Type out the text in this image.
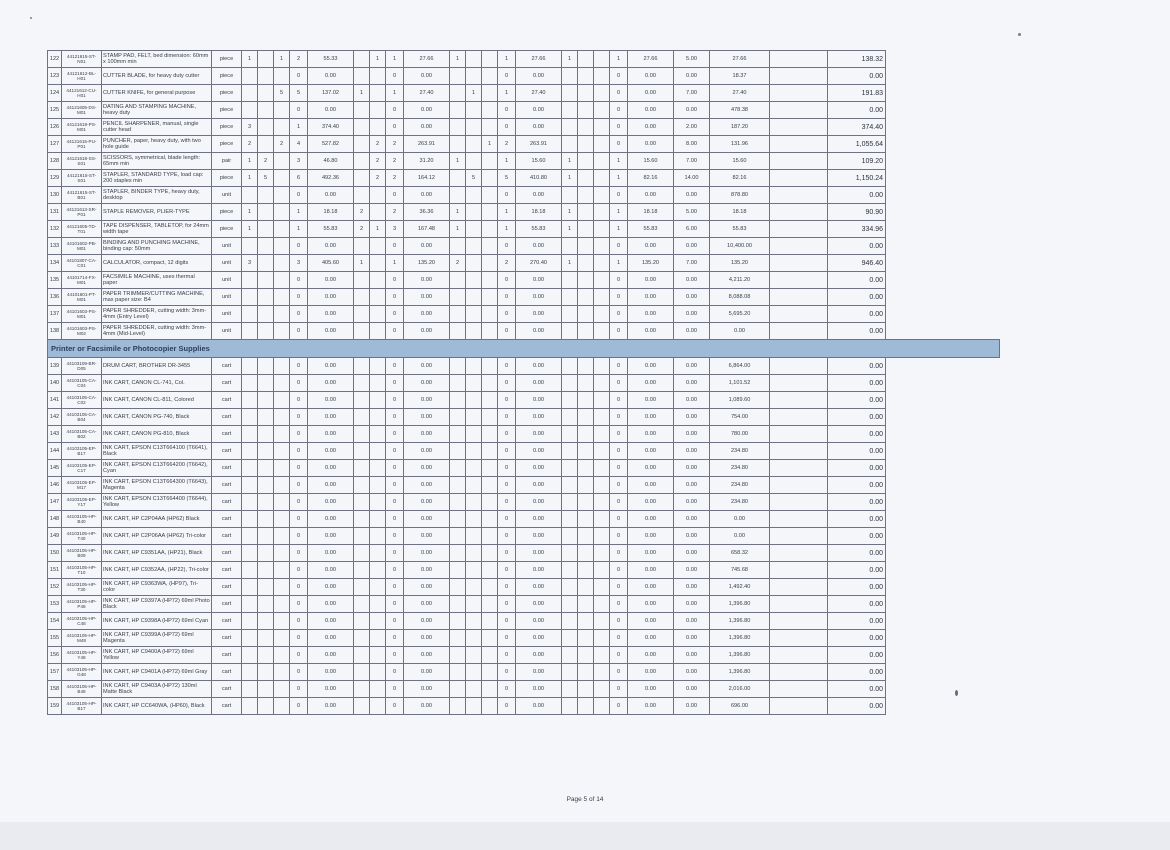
122	44121615-ST-N01	STAMP PAD, FELT, bed dimension: 60mm x 100mm min	piece	1		1	2	55.33		1	1	27.66	1			1	27.66	1			1	27.66	5.00	27.66		138.32
123	44121612-BL-H01	CUTTER BLADE, for heavy duty cutter	piece				0	0.00			0	0.00				0	0.00				0	0.00	0.00	18.37		0.00
124	44121612-CU-H01	CUTTER KNIFE, for general purpose	piece			5	5	137.02	1		1	27.40		1		1	27.40				0	0.00	7.00	27.40		191.83
125	44121605-DS-M01	DATING AND STAMPING MACHINE, heavy duty	piece				0	0.00			0	0.00				0	0.00				0	0.00	0.00	478.38		0.00
126	44121619-PS-M01	PENCIL SHARPENER, manual, single cutter head	piece	3			1	374.40			0	0.00				0	0.00				0	0.00	2.00	187.20		374.40
127	44121615-PU-P01	PUNCHER, paper, heavy duty, with two hole guide	piece	2		2	4	527.82		2	2	263.91			1	2	263.91				0	0.00	8.00	131.96		1,055.64
128	44121618-SS-S01	SCISSORS, symmetrical, blade length: 65mm min	pair	1	2		3	46.80		2	2	31.20	1			1	15.60	1			1	15.60	7.00	15.60		109.20
129	44121615-ST-S01	STAPLER, STANDARD TYPE, load cap: 200 staples min	piece	1	5		6	492.36		2	2	164.12		5		5	410.80	1			1	82.16	14.00	82.16		1,150.24
130	44121615-ST-B01	STAPLER, BINDER TYPE, heavy duty, desktop	unit				0	0.00			0	0.00				0	0.00				0	0.00	0.00	878.80		0.00
131	44121613-SR-P01	STAPLE REMOVER, PLIER-TYPE	piece	1			1	18.18	2		2	36.36	1			1	18.18	1			1	18.18	5.00	18.18		90.90
132	44121605-TD-T01	TAPE DISPENSER, TABLETOP, for 24mm width tape	piece	1			1	55.83	2	1	3	167.48	1			1	55.83	1			1	55.83	6.00	55.83		334.96
133	44101602-PB-M01	BINDING AND PUNCHING MACHINE, binding cap: 50mm	unit				0	0.00			0	0.00				0	0.00				0	0.00	0.00	10,400.00		0.00
134	44101807-CA-C01	CALCULATOR, compact, 12 digits	unit	3			3	405.60	1		1	135.20	2			2	270.40	1			1	135.20	7.00	135.20		946.40
135	44101714-FX-M01	FACSIMILE MACHINE, uses thermal paper	unit				0	0.00			0	0.00				0	0.00				0	0.00	0.00	4,211.20		0.00
136	44101601-PT-M01	PAPER TRIMMER/CUTTING MACHINE, max paper size: B4	unit				0	0.00			0	0.00				0	0.00				0	0.00	0.00	8,088.08		0.00
137	44101603-PS-M01	PAPER SHREDDER, cutting width: 3mm-4mm (Entry Level)	unit				0	0.00			0	0.00				0	0.00				0	0.00	0.00	5,695.20		0.00
138	44101603-PS-M02	PAPER SHREDDER, cutting width: 3mm-4mm (Mid-Level)	unit				0	0.00			0	0.00				0	0.00				0	0.00	0.00	0.00		0.00
Printer or Facsimile or Photocopier Supplies																										
139	44103109-BR-D05	DRUM CART, BROTHER DR-3455	cart				0	0.00			0	0.00				0	0.00				0	0.00	0.00	6,864.00		0.00
140	44103105-CA-C04	INK CART, CANON CL-741, Col.	cart				0	0.00			0	0.00				0	0.00				0	0.00	0.00	1,101.52		0.00
141	44103105-CA-C02	INK CART, CANON CL-811, Colored	cart				0	0.00			0	0.00				0	0.00				0	0.00	0.00	1,089.60		0.00
142	44103105-CA-B04	INK CART, CANON PG-740, Black	cart				0	0.00			0	0.00				0	0.00				0	0.00	0.00	754.00		0.00
143	44103105-CA-B02	INK CART, CANON PG-810, Black	cart				0	0.00			0	0.00				0	0.00				0	0.00	0.00	780.00		0.00
144	44103105-EP-B17	INK CART, EPSON C13T664100 (T6641), Black	cart				0	0.00			0	0.00				0	0.00				0	0.00	0.00	234.80		0.00
145	44103105-EP-C17	INK CART, EPSON C13T664200 (T6642), Cyan	cart				0	0.00			0	0.00				0	0.00				0	0.00	0.00	234.80		0.00
146	44103105-EP-M17	INK CART, EPSON C13T664300 (T6643), Magenta	cart				0	0.00			0	0.00				0	0.00				0	0.00	0.00	234.80		0.00
147	44103105-EP-Y17	INK CART, EPSON C13T664400 (T6644), Yellow	cart				0	0.00			0	0.00				0	0.00				0	0.00	0.00	234.80		0.00
148	44103105-HP-B40	INK CART, HP C2P04AA (HP62) Black	cart				0	0.00			0	0.00				0	0.00				0	0.00	0.00	0.00		0.00
149	44103105-HP-T40	INK CART, HP C2P06AA (HP62) Tri-color	cart				0	0.00			0	0.00				0	0.00				0	0.00	0.00	0.00		0.00
150	44103105-HP-B09	INK CART, HP C9351AA, (HP21), Black	cart				0	0.00			0	0.00				0	0.00				0	0.00	0.00	658.32		0.00
151	44103105-HP-T10	INK CART, HP C9352AA, (HP22), Tri-color	cart				0	0.00			0	0.00				0	0.00				0	0.00	0.00	745.68		0.00
152	44103105-HP-T30	INK CART, HP C9363WA, (HP97), Tri-color	cart				0	0.00			0	0.00				0	0.00				0	0.00	0.00	1,492.40		0.00
153	44103105-HP-P48	INK CART, HP C9397A (HP72) 69ml Photo Black	cart				0	0.00			0	0.00				0	0.00				0	0.00	0.00	1,396.80		0.00
154	44103105-HP-C48	INK CART, HP C9398A (HP72) 69ml Cyan	cart				0	0.00			0	0.00				0	0.00				0	0.00	0.00	1,396.80		0.00
155	44103105-HP-M48	INK CART, HP C9399A (HP72) 69ml Magenta	cart				0	0.00			0	0.00				0	0.00				0	0.00	0.00	1,396.80		0.00
156	44103105-HP-Y48	INK CART, HP C9400A (HP72) 69ml Yellow	cart				0	0.00			0	0.00				0	0.00				0	0.00	0.00	1,396.80		0.00
157	44103105-HP-G48	INK CART, HP C9401A (HP72) 69ml Gray	cart				0	0.00			0	0.00				0	0.00				0	0.00	0.00	1,396.80		0.00
158	44103105-HP-B48	INK CART, HP C9403A (HP72) 130ml Matte Black	cart				0	0.00			0	0.00				0	0.00				0	0.00	0.00	2,016.00		0.00
159	44103105-HP-B17	INK CART, HP CC640WA, (HP60), Black	cart				0	0.00			0	0.00				0	0.00				0	0.00	0.00	696.00		0.00
Page 5 of 14
